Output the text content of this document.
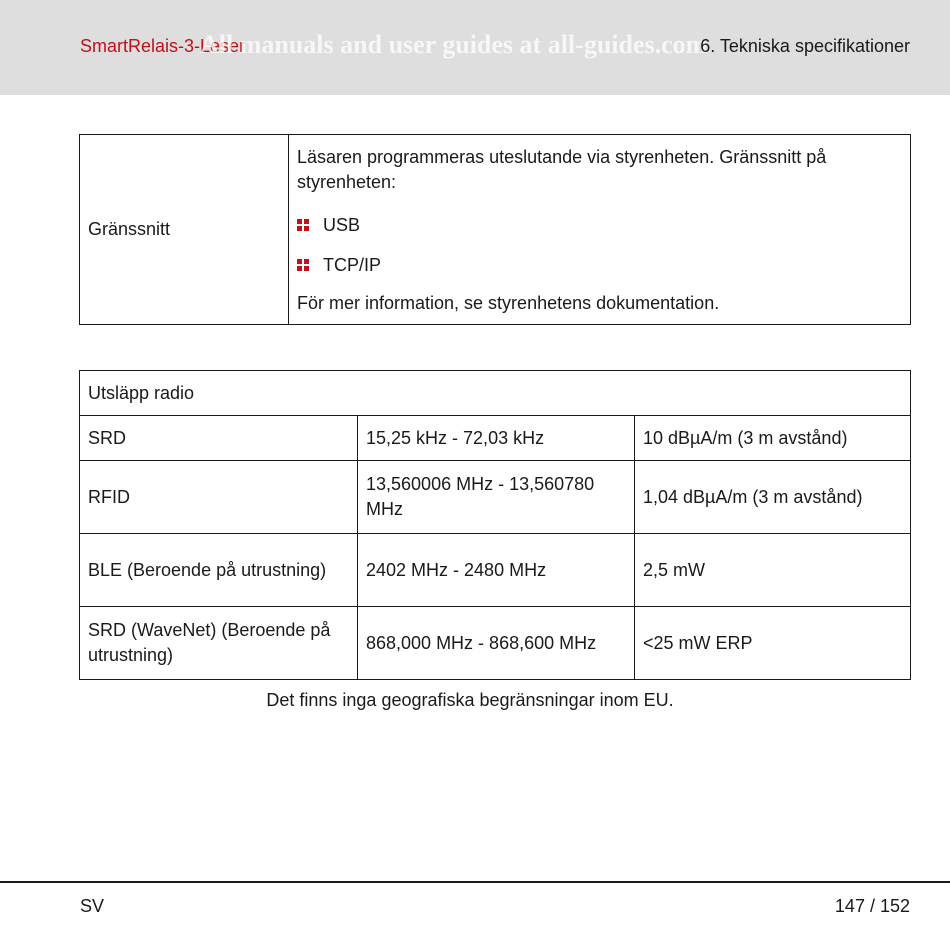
SmartRelais-3-Leser
All manuals and user guides at all-guides.com
6. Tekniska specifikationer
Gränssnitt	

Läsaren programmeras uteslutande via styrenheten. Gränssnitt på styrenheten:

USB
TCP/IP

För mer information, se styrenhetens dokumentation.

Utsläpp radio		
SRD	15,25 kHz - 72,03 kHz	10 dBµA/m (3 m avstånd)
RFID	13,560006 MHz - 13,560780 MHz	1,04 dBµA/m (3 m avstånd)
BLE (Beroende på utrustning)	2402 MHz - 2480 MHz	2,5 mW
SRD (WaveNet) (Beroende på utrustning)	868,000 MHz - 868,600 MHz	<25 mW ERP
Det finns inga geografiska begränsningar inom EU.
SV	147 / 152
